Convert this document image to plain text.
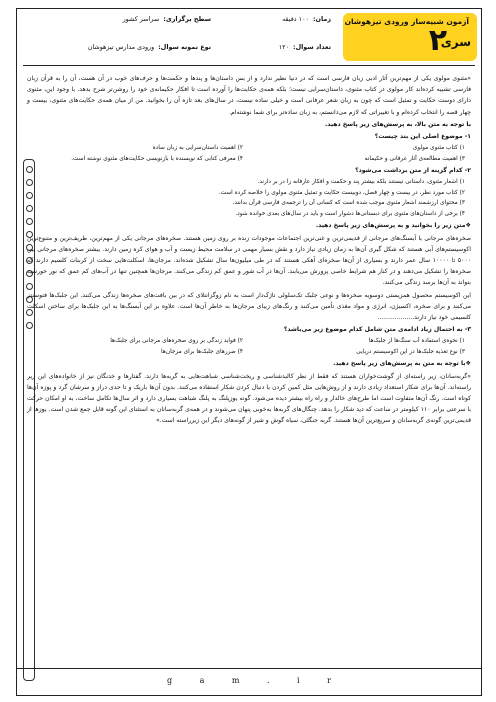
آزمون شبیه‌ساز ورودی تیزهوشان
سری
۲
زمان:۱۰۰ دقیقه
سطح برگزاری:سراسر کشور
تعداد سوال:۱۲۰
نوع نمونه سوال:ورودی مدارس تیزهوشان

«مثنوی مولوی یکی از مهم‌ترین آثار ادبی زبان فارسی است که در دنیا نظیر ندارد و از بس داستان‌ها و پندها و حکمت‌ها و حرف‌های خوب در آن هست، آن را به قرآن زبان فارسی تشبیه کرده‌اند کار مولوی در کتاب مثنوی، داستان‌سرایی نیست؛ بلکه همه‌ی حکایت‌ها را آورده است تا افکار حکیمانه‌ی خود را روشن‌تر شرح بدهد. با وجود این، مثنوی دارای دوست حکایت و تمثیل است که چون به زبان شعر عرفانی است و خیلی ساده نیست، در سال‌های بعد تازه آن را بخوانید. من از میان همه‌ی حکایت‌های مثنوی، بیست و چهار قصه را انتخاب کرده‌ام و با تغییراتی که لازم می‌دانستم، به زبان ساده‌تر برای شما نوشته‌ام.

با توجه به متن بالا، به پرسش‌های زیر پاسخ دهید.

۱- موضوع اصلی این بند چیست؟

۱) کتاب مثنوی مولوی
۲) اهمیت داستان‌سرایی به زبان ساده
۳) اهمیت مطالعه‌ی آثار عرفانی و حکیمانه
۴) معرفی کتابی که نویسنده با بازنویسی حکایت‌های مثنوی نوشته است.

۲- کدام گزینه از متن برداشت می‌شود؟

۱) اشعار مثنوی، داستانی نیستند بلکه بیشتر پند و حکمت و افکار عارفانه را در بر دارند.
۲) کتاب مورد نظر، در بیست و چهار فصل، دوبیست حکایت و تمثیل مثنوی مولوی را خلاصه کرده است.
۳) محتوای ارزشمند اشعار مثنوی موجب شده است که کسانی آن را ترجمه‌ی فارسی قرآن بدانند.
۴) برخی از داستان‌های مثنوی برای دبستانی‌ها دشوار است و باید در سال‌های بعدی خوانده شود.

❖متن زیر را بخوانید و به پرسش‌های زیر پاسخ دهید.

صخره‌های مرجانی با آبسنگ‌های مرجانی از قدیمی‌ترین و غنی‌ترین اجتماعات موجودات زنده بر روی زمین هستند. صخره‌های مرجانی یکی از مهم‌ترین، ظریف‌ترین و متنوع‌ترین اکوسیستم‌های آبی هستند که شکل گیری آن‌ها به زمان زیادی نیاز دارد و نقش بسیار مهمی در سلامت محیط زیست و آب و هوای کره زمین دارند. بیشتر صخره‌های مرجانی بین ۵۰۰۰ تا ۱۰۰۰۰ سال عمر دارند و بسیاری از آن‌ها صخره‌ای آهکی هستند که در طی میلیون‌ها سال تشکیل شده‌اند. مرجان‌ها، اسکلت‌هایی سخت از کربنات کلسیم دارند که صخره‌ها را تشکیل می‌دهند و در کنار هم شرایط خاصی پرورش می‌یابند. آن‌ها در آب شور و عمق کم زندگی می‌کنند. مرجان‌ها همچنین تنها در آب‌های کم عمق که نور خورشید بتواند به آن‌ها برسد زندگی می‌کنند.

این اکوسیستم محصول همزیستی دوسویه صخره‌ها و نوعی جلبک تک‌سلولی تاژک‌دار است به نام زوگزانتلای که در بین بافت‌های صخره‌ها زندگی می‌کنند. این جلبک‌ها فتوسنتز می‌کنند و برای صخره، اکسیژن، انرژی و مواد مغذی تأمین می‌کنند و رنگ‌های زیبای مرجان‌ها به خاطر آن‌ها است. علاوه بر این آبسنگ‌ها به این جلبک‌ها برای ساختن اسکلت کلسیمی خود نیاز دارند...................

۳- به احتمال زیاد ادامه‌ی متن شامل کدام موضوع زیر می‌باشد؟

۱) نحوه‌ی استفاده آب سنگ‌ها از جلبک‌ها
۲) فواید زندگی بر روی صخره‌های مرجانی برای جلبک‌ها
۳) نوع تغذیه جلبک‌ها در این اکوسیستم دریایی
۴) ضررهای جلبک‌ها برای مرجان‌ها

❖با توجه به متن به پرسش‌های زیر پاسخ دهید.

«گربه‌سانان، زیر راسته‌ای از گوشت‌خواران هستند که فقط از نظر کالبدشناسی و ریخت‌شناسی شباهت‌هایی به گربه‌ها دارند. گفتارها و خدنگان نیز از خانواده‌های این زیر راسته‌اند. آن‌ها برای شکار استعداد زیادی دارند و از روش‌هایی مثل کمین کردن یا دنبال کردن شکار استفاده می‌کنند. بدون آن‌ها باریک و تا حدی دراز و سرشان گرد و پوزه آن‌ها کوتاه است. رنگ آن‌ها متفاوت است اما طرح‌های خالدار و راه راه بیشتر دیده می‌شود. گونه یوزپلنگ به پلنگ شباهت بسیاری دارد و اثر سال‌ها تکامل ساخت، به او امکان حرکت با سرعتی برابر ۱۱۰ کیلومتر در ساعت که دید شکار را بدهد. چنگال‌های گربه‌ها به‌خوبی پنهان می‌شوند و در همه‌ی گربه‌سانان به استثنای این گونه قابل جمع شدن است. یوزها از قدیمی‌ترین گونه‌ی گربه‌سانان و سریع‌ترین آن‌ها هستند. گربه جنگلی، سیاه گوش و شیر از گونه‌های دیگر این زیرراسته است.»

g	a	m	.	i	r
